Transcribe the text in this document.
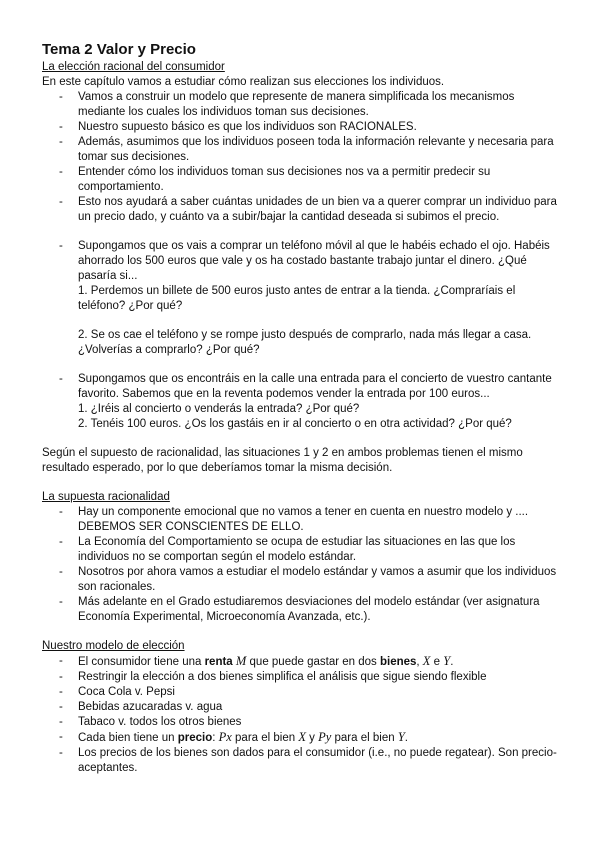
Tema 2 Valor y Precio

La elección racional del consumidor

En este capítulo vamos a estudiar cómo realizan sus elecciones los individuos.

- Vamos a construir un modelo que represente de manera simplificada los mecanismos mediante los cuales los individuos toman sus decisiones.
- Nuestro supuesto básico es que los individuos son RACIONALES.
- Además, asumimos que los individuos poseen toda la información relevante y necesaria para tomar sus decisiones.
- Entender cómo los individuos toman sus decisiones nos va a permitir predecir su comportamiento.
- Esto nos ayudará a saber cuántas unidades de un bien va a querer comprar un individuo para un precio dado, y cuánto va a subir/bajar la cantidad deseada si subimos el precio.

- Supongamos que os vais a comprar un teléfono móvil al que le habéis echado el ojo. Habéis ahorrado los 500 euros que vale y os ha costado bastante trabajo juntar el dinero. ¿Qué pasaría si...

1. Perdemos un billete de 500 euros justo antes de entrar a la tienda. ¿Compraríais el teléfono? ¿Por qué?

2. Se os cae el teléfono y se rompe justo después de comprarlo, nada más llegar a casa. ¿Volverías a comprarlo? ¿Por qué?

- Supongamos que os encontráis en la calle una entrada para el concierto de vuestro cantante favorito. Sabemos que en la reventa podemos vender la entrada por 100 euros...

1. ¿Iréis al concierto o venderás la entrada? ¿Por qué?

2. Tenéis 100 euros. ¿Os los gastáis en ir al concierto o en otra actividad? ¿Por qué?

Según el supuesto de racionalidad, las situaciones 1 y 2 en ambos problemas tienen el mismo resultado esperado, por lo que deberíamos tomar la misma decisión.

La supuesta racionalidad

- Hay un componente emocional que no vamos a tener en cuenta en nuestro modelo y .... DEBEMOS SER CONSCIENTES DE ELLO.
- La Economía del Comportamiento se ocupa de estudiar las situaciones en las que los individuos no se comportan según el modelo estándar.
- Nosotros por ahora vamos a estudiar el modelo estándar y vamos a asumir que los individuos son racionales.
- Más adelante en el Grado estudiaremos desviaciones del modelo estándar (ver asignatura Economía Experimental, Microeconomía Avanzada, etc.).

Nuestro modelo de elección

- El consumidor tiene una renta M que puede gastar en dos bienes, X e Y.
- Restringir la elección a dos bienes simplifica el análisis que sigue siendo flexible
- Coca Cola v. Pepsi
- Bebidas azucaradas v. agua
- Tabaco v. todos los otros bienes
- Cada bien tiene un precio: Px para el bien X y Py para el bien Y.
- Los precios de los bienes son dados para el consumidor (i.e., no puede regatear). Son precio-aceptantes.
